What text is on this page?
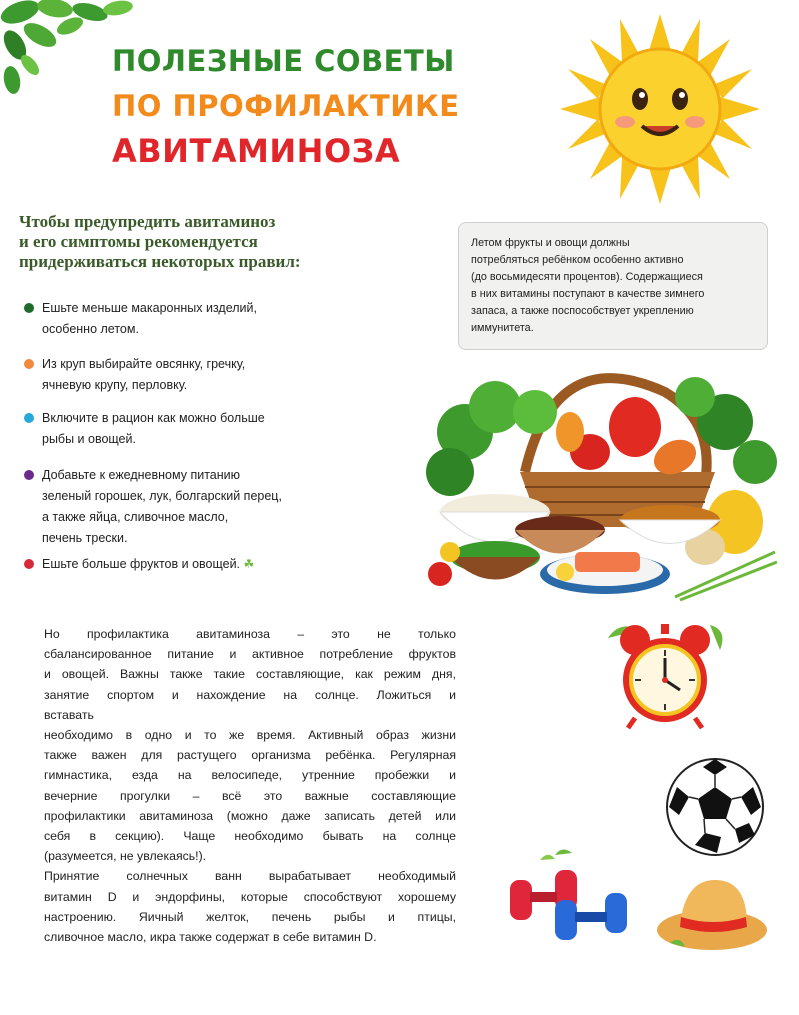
ПОЛЕЗНЫЕ СОВЕТЫ
ПО ПРОФИЛАКТИКЕ
АВИТАМИНОЗА
Чтобы предупредить авитаминоз
и его симптомы рекомендуется
придерживаться некоторых правил:
Ешьте меньше макаронных изделий,
особенно летом.
Из круп выбирайте овсянку, гречку,
ячневую крупу, перловку.
Включите в рацион как можно больше
рыбы и овощей.
Добавьте к ежедневному питанию
зеленый горошек, лук, болгарский перец,
а также яйца, сливочное масло,
печень трески.
Ешьте больше фруктов и овощей. ☘
Летом фрукты и овощи должны
потребляться ребёнком особенно активно
(до восьмидесяти процентов). Содержащиеся
в них витамины поступают в качестве зимнего
запаса, а также поспособствует укреплению
иммунитета.

Но профилактика авитаминоза – это не только

сбалансированное питание и активное потребление фруктов

и овощей. Важны также такие составляющие, как режим дня,

занятие спортом и нахождение на солнце. Ложиться и

вставать

необходимо в одно и то же время. Активный образ жизни

также важен для растущего организма ребёнка. Регулярная

гимнастика, езда на велосипеде, утренние пробежки и

вечерние прогулки – всё это важные составляющие

профилактики авитаминоза (можно даже записать детей или

себя в секцию). Чаще необходимо бывать на солнце

(разумеется, не увлекаясь!).

Принятие солнечных ванн вырабатывает необходимый

витамин D и эндорфины, которые способствуют хорошему

настроению. Яичный желток, печень рыбы и птицы,

сливочное масло, икра также содержат в себе витамин D.
